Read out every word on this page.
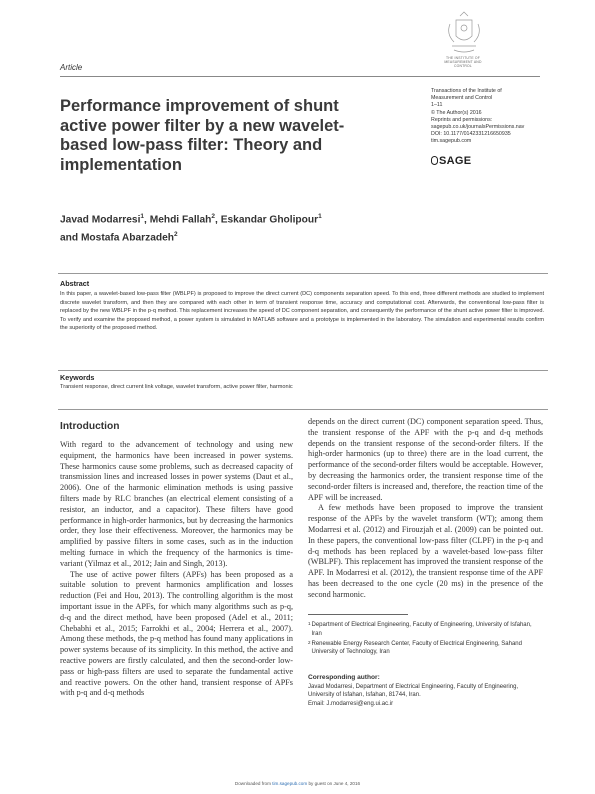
THE INSTITUTE OF
MEASUREMENT AND
CONTROL
Article
Performance improvement of shunt active power filter by a new wavelet-based low-pass filter: Theory and implementation
Transactions of the Institute of
Measurement and Control
1–11
© The Author(s) 2016
Reprints and permissions:
sagepub.co.uk/journalsPermissions.nav
DOI: 10.1177/0142331216650935
tim.sagepub.com
SAGE
Javad Modarresi$^1$, Mehdi Fallah$^2$, Eskandar Gholipour$^1$
and Mostafa Abarzadeh$^2$
Abstract
In this paper, a wavelet-based low-pass filter (WBLPF) is proposed to improve the direct current (DC) components separation speed. To this end, three different methods are studied to implement discrete wavelet transform, and then they are compared with each other in term of transient response time, accuracy and computational cost. Afterwards, the conventional low-pass filter is replaced by the new WBLPF in the p-q method. This replacement increases the speed of DC component separation, and consequently the performance of the shunt active power filter is improved. To verify and examine the proposed method, a power system is simulated in MATLAB software and a prototype is implemented in the laboratory. The simulation and experimental results confirm the superiority of the proposed method.
Keywords
Transient response, direct current link voltage, wavelet transform, active power filter, harmonic
Introduction

With regard to the advancement of technology and using new equipment, the harmonics have been increased in power systems. These harmonics cause some problems, such as decreased capacity of transmission lines and increased losses in power systems (Daut et al., 2006). One of the harmonic elimination methods is using passive filters made by RLC branches (an electrical element consisting of a resistor, an inductor, and a capacitor). These filters have good performance in high-order harmonics, but by decreasing the harmonics order, they lose their effectiveness. Moreover, the harmonics may be amplified by passive filters in some cases, such as in the induction melting furnace in which the frequency of the harmonics is time-variant (Yilmaz et al., 2012; Jain and Singh, 2013).

The use of active power filters (APFs) has been proposed as a suitable solution to prevent harmonics amplification and losses reduction (Fei and Hou, 2013). The controlling algorithm is the most important issue in the APFs, for which many algorithms such as p-q, d-q and the direct method, have been proposed (Adel et al., 2011; Chebabhi et al., 2015; Farrokhi et al., 2004; Herrera et al., 2007). Among these methods, the p-q method has found many applications in power systems because of its simplicity. In this method, the active and reactive powers are firstly calculated, and then the second-order low-pass or high-pass filters are used to separate the fundamental active and reactive powers. On the other hand, transient response of APFs with p-q and d-q methods

depends on the direct current (DC) component separation speed. Thus, the transient response of the APF with the p-q and d-q methods depends on the transient response of the second-order filters. If the high-order harmonics (up to three) there are in the load current, the performance of the second-order filters would be acceptable. However, by decreasing the harmonics order, the transient response time of the second-order filters is increased and, therefore, the reaction time of the APF will be increased.

A few methods have been proposed to improve the transient response of the APFs by the wavelet transform (WT); among them Modarresi et al. (2012) and Firouzjah et al. (2009) can be pointed out. In these papers, the conventional low-pass filter (CLPF) in the p-q and d-q methods has been replaced by a wavelet-based low-pass filter (WBLPF). This replacement has improved the transient response of the APF. In Modarresi et al. (2012), the transient response time of the APF has been decreased to the one cycle (20 ms) in the presence of the second harmonic.

1 Department of Electrical Engineering, Faculty of Engineering, University of Isfahan, Iran
2 Renewable Energy Research Center, Faculty of Electrical Engineering, Sahand University of Technology, Iran
Corresponding author:
Javad Modarresi, Department of Electrical Engineering, Faculty of Engineering, University of Isfahan, Isfahan, 81744, Iran.
Email: J.modarresi@eng.ui.ac.ir
Downloaded from tim.sagepub.com by guest on June 4, 2016
